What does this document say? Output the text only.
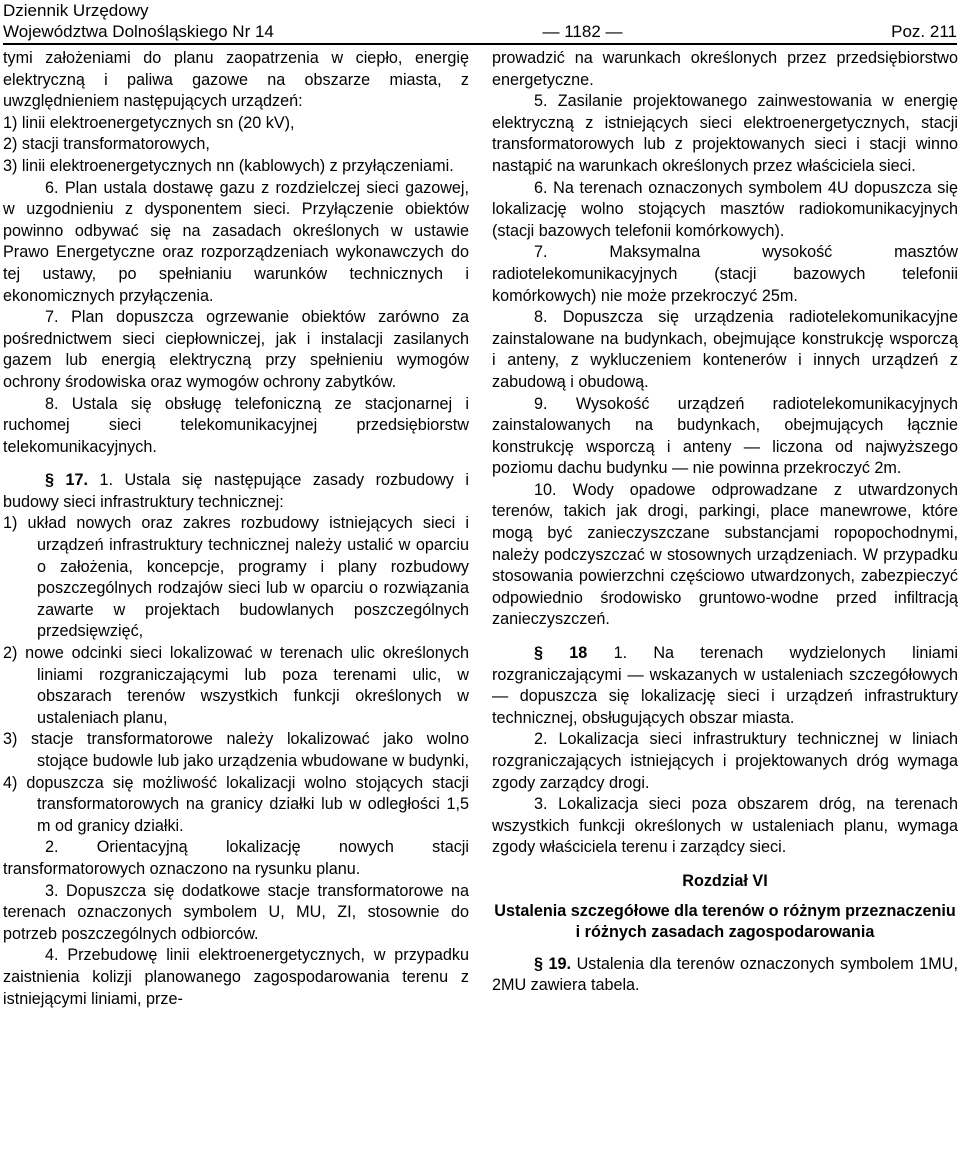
Dziennik Urzędowy
Województwa Dolnośląskiego Nr 14	— 1182 —	Poz. 211

tymi założeniami do planu zaopatrzenia w ciepło, energię elektryczną i paliwa gazowe na obszarze miasta, z uwzględnieniem następujących urządzeń:

1) linii elektroenergetycznych sn (20 kV),

2) stacji transformatorowych,

3) linii elektroenergetycznych nn (kablowych) z przyłączeniami.

6. Plan ustala dostawę gazu z rozdzielczej sieci gazowej, w uzgodnieniu z dysponentem sieci. Przyłączenie obiektów powinno odbywać się na zasadach określonych w ustawie Prawo Energetyczne oraz rozporządzeniach wykonawczych do tej ustawy, po spełnianiu warunków technicznych i ekonomicznych przyłączenia.

7. Plan dopuszcza ogrzewanie obiektów zarówno za pośrednictwem sieci ciepłowniczej, jak i instalacji zasilanych gazem lub energią elektryczną przy spełnieniu wymogów ochrony środowiska oraz wymogów ochrony zabytków.

8. Ustala się obsługę telefoniczną ze stacjonarnej i ruchomej sieci telekomunikacyjnej przedsiębiorstw telekomunikacyjnych.

§ 17. 1. Ustala się następujące zasady rozbudowy i budowy sieci infrastruktury technicznej:

1) układ nowych oraz zakres rozbudowy istniejących sieci i urządzeń infrastruktury technicznej należy ustalić w oparciu o założenia, koncepcje, programy i plany rozbudowy poszczególnych rodzajów sieci lub w oparciu o rozwiązania zawarte w projektach budowlanych poszczególnych przedsięwzięć,

2) nowe odcinki sieci lokalizować w terenach ulic określonych liniami rozgraniczającymi lub poza terenami ulic, w obszarach terenów wszystkich funkcji określonych w ustaleniach planu,

3) stacje transformatorowe należy lokalizować jako wolno stojące budowle lub jako urządzenia wbudowane w budynki,

4) dopuszcza się możliwość lokalizacji wolno stojących stacji transformatorowych na granicy działki lub w odległości 1,5 m od granicy działki.

2. Orientacyjną lokalizację nowych stacji transformatorowych oznaczono na rysunku planu.

3. Dopuszcza się dodatkowe stacje transformatorowe na terenach oznaczonych symbolem U, MU, ZI, stosownie do potrzeb poszczególnych odbiorców.

4. Przebudowę linii elektroenergetycznych, w przypadku zaistnienia kolizji planowanego zagospodarowania terenu z istniejącymi liniami, prze-

prowadzić na warunkach określonych przez przedsiębiorstwo energetyczne.

5. Zasilanie projektowanego zainwestowania w energię elektryczną z istniejących sieci elektroenergetycznych, stacji transformatorowych lub z projektowanych sieci i stacji winno nastąpić na warunkach określonych przez właściciela sieci.

6. Na terenach oznaczonych symbolem 4U dopuszcza się lokalizację wolno stojących masztów radiokomunikacyjnych (stacji bazowych telefonii komórkowych).

7. Maksymalna wysokość masztów radiotelekomunikacyjnych (stacji bazowych telefonii komórkowych) nie może przekroczyć 25m.

8. Dopuszcza się urządzenia radiotelekomunikacyjne zainstalowane na budynkach, obejmujące konstrukcję wsporczą i anteny, z wykluczeniem kontenerów i innych urządzeń z zabudową i obudową.

9. Wysokość urządzeń radiotelekomunikacyjnych zainstalowanych na budynkach, obejmujących łącznie konstrukcję wsporczą i anteny — liczona od najwyższego poziomu dachu budynku — nie powinna przekroczyć 2m.

10. Wody opadowe odprowadzane z utwardzonych terenów, takich jak drogi, parkingi, place manewrowe, które mogą być zanieczyszczane substancjami ropopochodnymi, należy podczyszczać w stosownych urządzeniach. W przypadku stosowania powierzchni częściowo utwardzonych, zabezpieczyć odpowiednio środowisko gruntowo-wodne przed infiltracją zanieczyszczeń.

§ 18 1. Na terenach wydzielonych liniami rozgraniczającymi — wskazanych w ustaleniach szczegółowych — dopuszcza się lokalizację sieci i urządzeń infrastruktury technicznej, obsługujących obszar miasta.

2. Lokalizacja sieci infrastruktury technicznej w liniach rozgraniczających istniejących i projektowanych dróg wymaga zgody zarządcy drogi.

3. Lokalizacja sieci poza obszarem dróg, na terenach wszystkich funkcji określonych w ustaleniach planu, wymaga zgody właściciela terenu i zarządcy sieci.

Rozdział VI

Ustalenia szczegółowe dla terenów o różnym przeznaczeniu i różnych zasadach zagospodarowania

§ 19. Ustalenia dla terenów oznaczonych symbolem 1MU, 2MU zawiera tabela.
